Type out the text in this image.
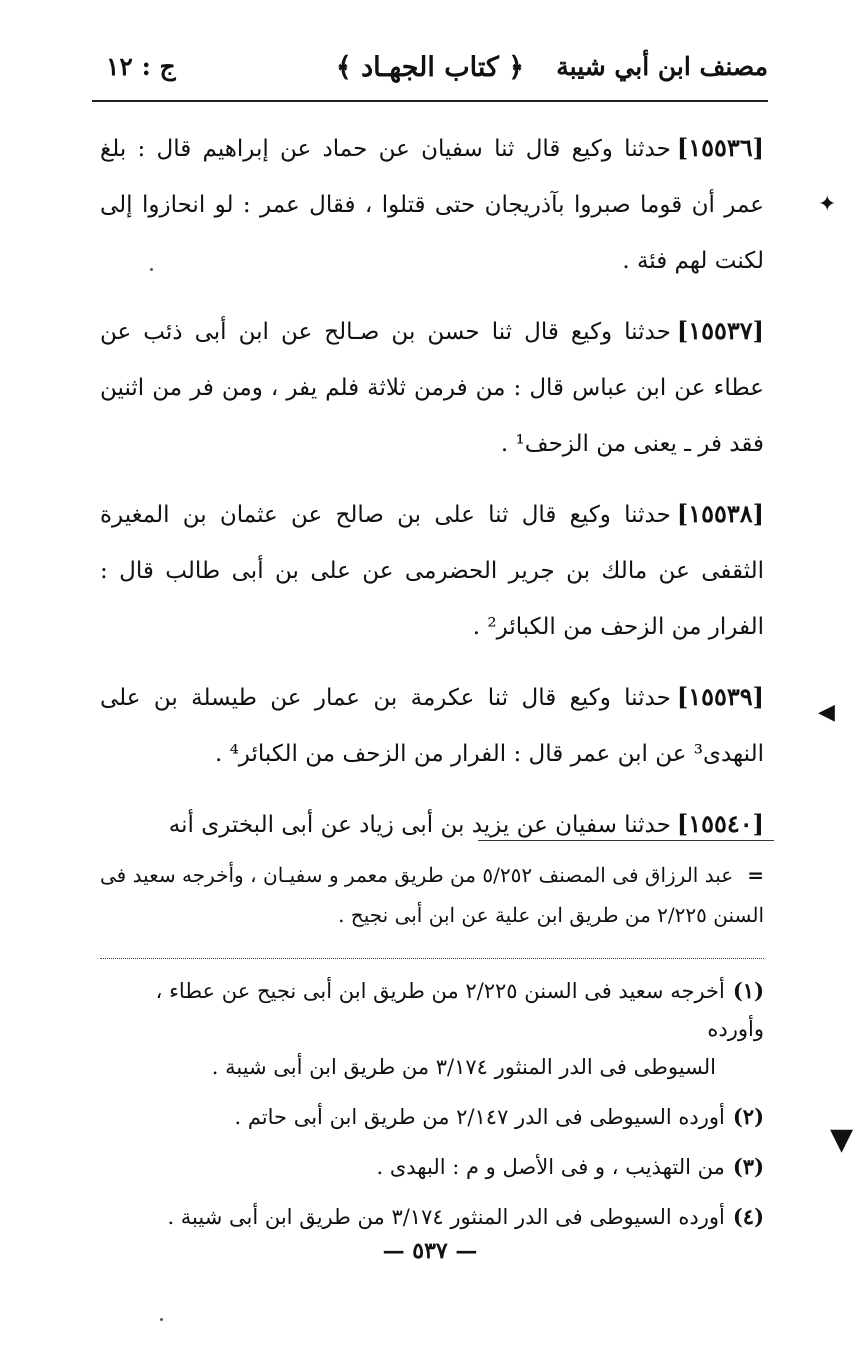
مصنف ابن أبي شيبة
﴿ كتاب الجهـاد ﴾
ج : ١٢

[١٥٥٣٦]حدثنا وكيع قال ثنا سفيان عن حماد عن إبراهيم قال : بلغ عمر أن قوما صبروا بآذريجان حتى قتلوا ، فقال عمر : لو انحازوا إلى لكنت لهم فئة .

[١٥٥٣٧]حدثنا وكيع قال ثنا حسن بن صـالح عن ابن أبى ذئب عن عطاء عن ابن عباس قال : من فرمن ثلاثة فلم يفر ، ومن فر من اثنين فقد فر ـ يعنى من الزحف¹ .

[١٥٥٣٨]حدثنا وكيع قال ثنا على بن صالح عن عثمان بن المغيرة الثقفى عن مالك بن جرير الحضرمى عن على بن أبى طالب قال : الفرار من الزحف من الكبائر² .

[١٥٥٣٩]حدثنا وكيع قال ثنا عكرمة بن عمار عن طيسلة بن على النهدى³ عن ابن عمر قال : الفرار من الزحف من الكبائر⁴ .

[١٥٥٤٠]حدثنا سفيان عن يزيد بن أبى زياد عن أبى البخترى أنه

=عبد الرزاق فى المصنف ٥/٢٥٢ من طريق معمر و سفيـان ، وأخرجه سعيد فى السنن ٢/٢٢٥ من طريق ابن علية عن ابن أبى نجيح .
(١)أخرجه سعيد فى السنن ٢/٢٢٥ من طريق ابن أبى نجيح عن عطاء ، وأورده
السيوطى فى الدر المنثور ٣/١٧٤ من طريق ابن أبى شيبة .
(٢)أورده السيوطى فى الدر ٢/١٤٧ من طريق ابن أبى حاتم .
(٣)من التهذيب ، و فى الأصل و م : البهدى .
(٤)أورده السيوطى فى الدر المنثور ٣/١٧٤ من طريق ابن أبى شيبة .
— ٥٣٧ —
✦
◀
▼
